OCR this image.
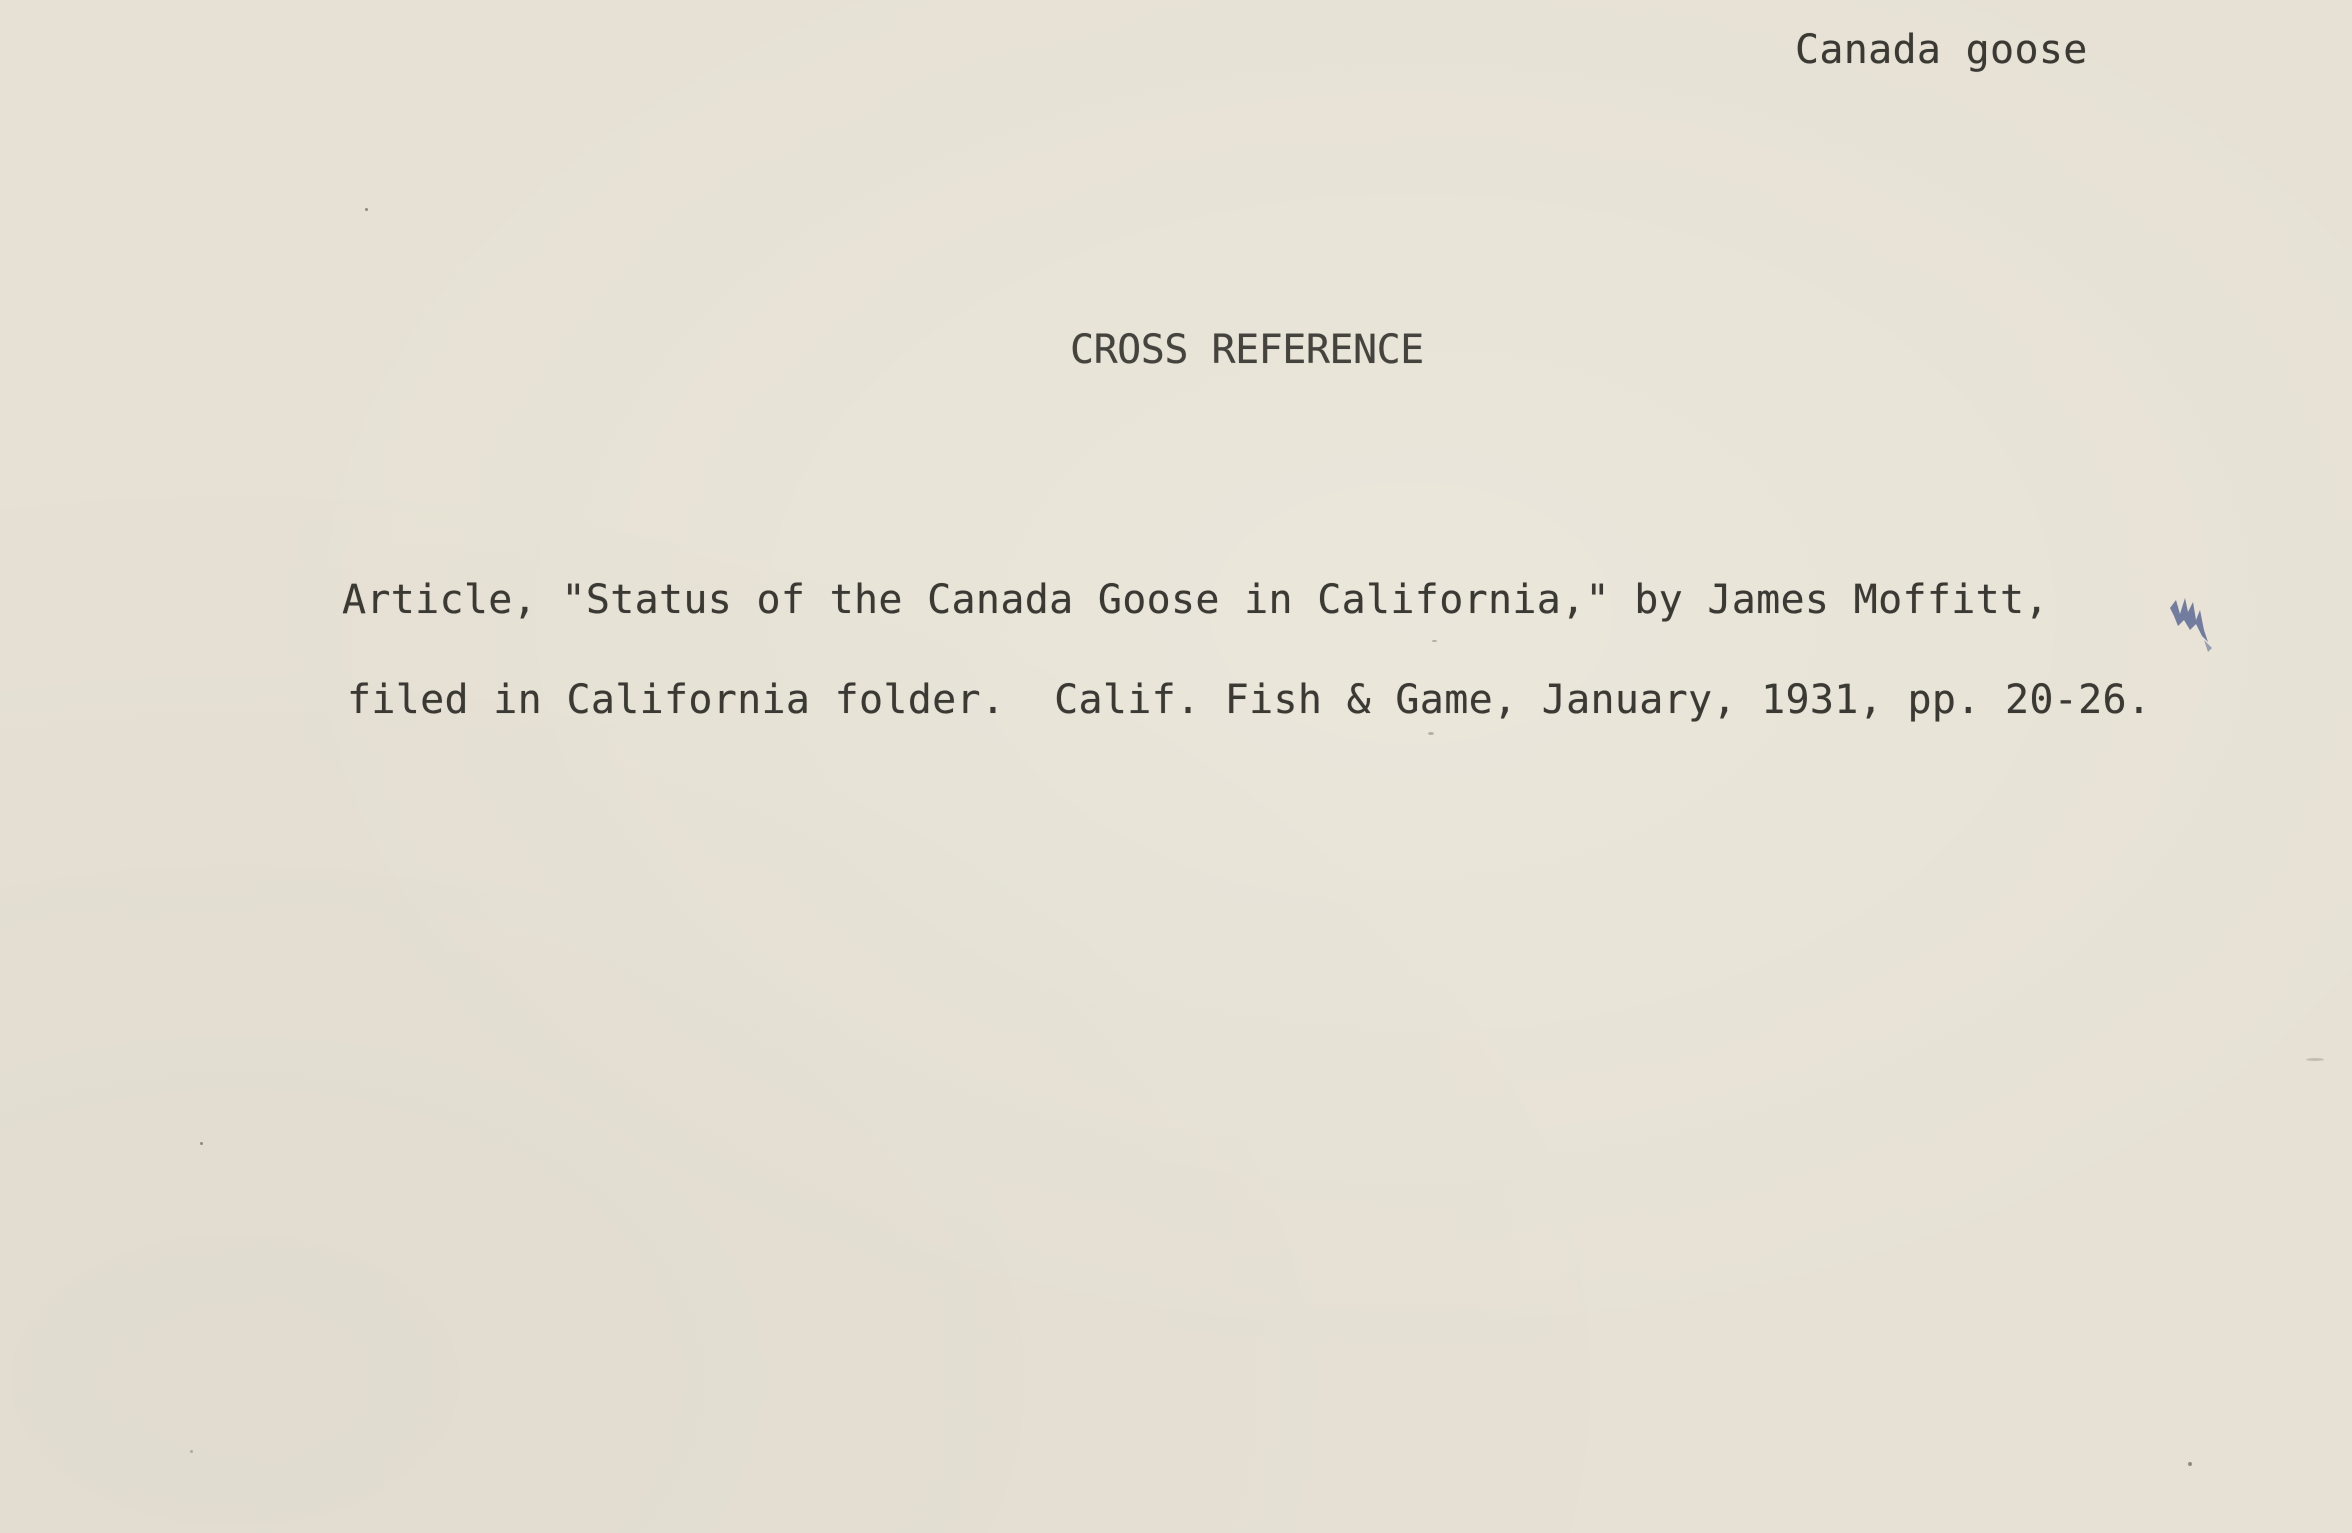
Canada goose
CROSS REFERENCE
Article, "Status of the Canada Goose in California," by James Moffitt,
filed in California folder.  Calif. Fish & Game, January, 1931, pp. 20-26.
